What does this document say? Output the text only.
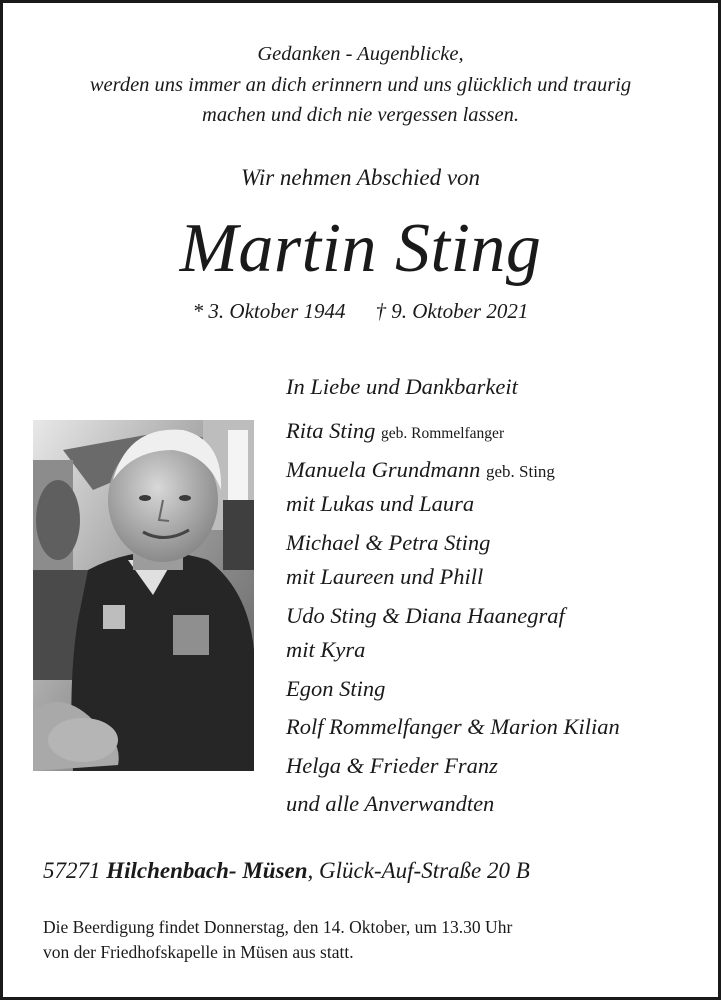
Gedanken - Augenblicke,
werden uns immer an dich erinnern und uns glücklich und traurig
machen und dich nie vergessen lassen.
Wir nehmen Abschied von
Martin Sting
* 3. Oktober 1944 † 9. Oktober 2021
In Liebe und Dankbarkeit
Rita Sting geb. Rommelfanger
Manuela Grundmann geb. Sting
mit Lukas und Laura
Michael & Petra Sting
mit Laureen und Phill
Udo Sting & Diana Haanegraf
mit Kyra
Egon Sting
Rolf Rommelfanger & Marion Kilian
Helga & Frieder Franz
und alle Anverwandten
57271 Hilchenbach- Müsen, Glück-Auf-Straße 20 B
Die Beerdigung findet Donnerstag, den 14. Oktober, um 13.30 Uhr
von der Friedhofskapelle in Müsen aus statt.
